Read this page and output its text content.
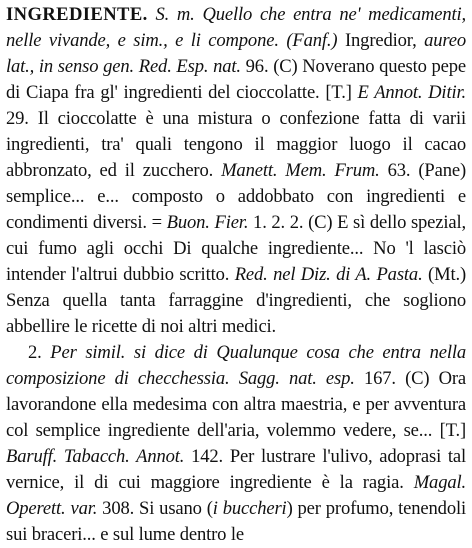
INGREDIENTE. S. m. Quello che entra ne' medicamenti, nelle vivande, e sim., e li compone. (Fanf.) Ingredior, aureo lat., in senso gen. Red. Esp. nat. 96. (C) Noverano questo pepe di Ciapa fra gl' ingredienti del cioccolatte. [T.] E Annot. Ditir. 29. Il cioccolatte è una mistura o confezione fatta di varii ingredienti, tra' quali tengono il maggior luogo il cacao abbronzato, ed il zucchero. Manett. Mem. Frum. 63. (Pane) semplice... e... composto o addobbato con ingredienti e condimenti diversi. = Buon. Fier. 1. 2. 2. (C) E sì dello spezial, cui fumo agli occhi Di qualche ingrediente... No 'l lasciò intender l'altrui dubbio scritto. Red. nel Diz. di A. Pasta. (Mt.) Senza quella tanta farraggine d'ingredienti, che sogliono abbellire le ricette di noi altri medici.

2. Per simil. si dice di Qualunque cosa che entra nella composizione di checchessia. Sagg. nat. esp. 167. (C) Ora lavorandone ella medesima con altra maestria, e per avventura col semplice ingrediente dell'aria, volemmo vedere, se... [T.] Baruff. Tabacch. Annot. 142. Per lustrare l'ulivo, adoprasi tal vernice, il di cui maggiore ingrediente è la ragia. Magal. Operett. var. 308. Si usano (i buccheri) per profumo, tenendoli sui braceri... e sul lume dentro le
